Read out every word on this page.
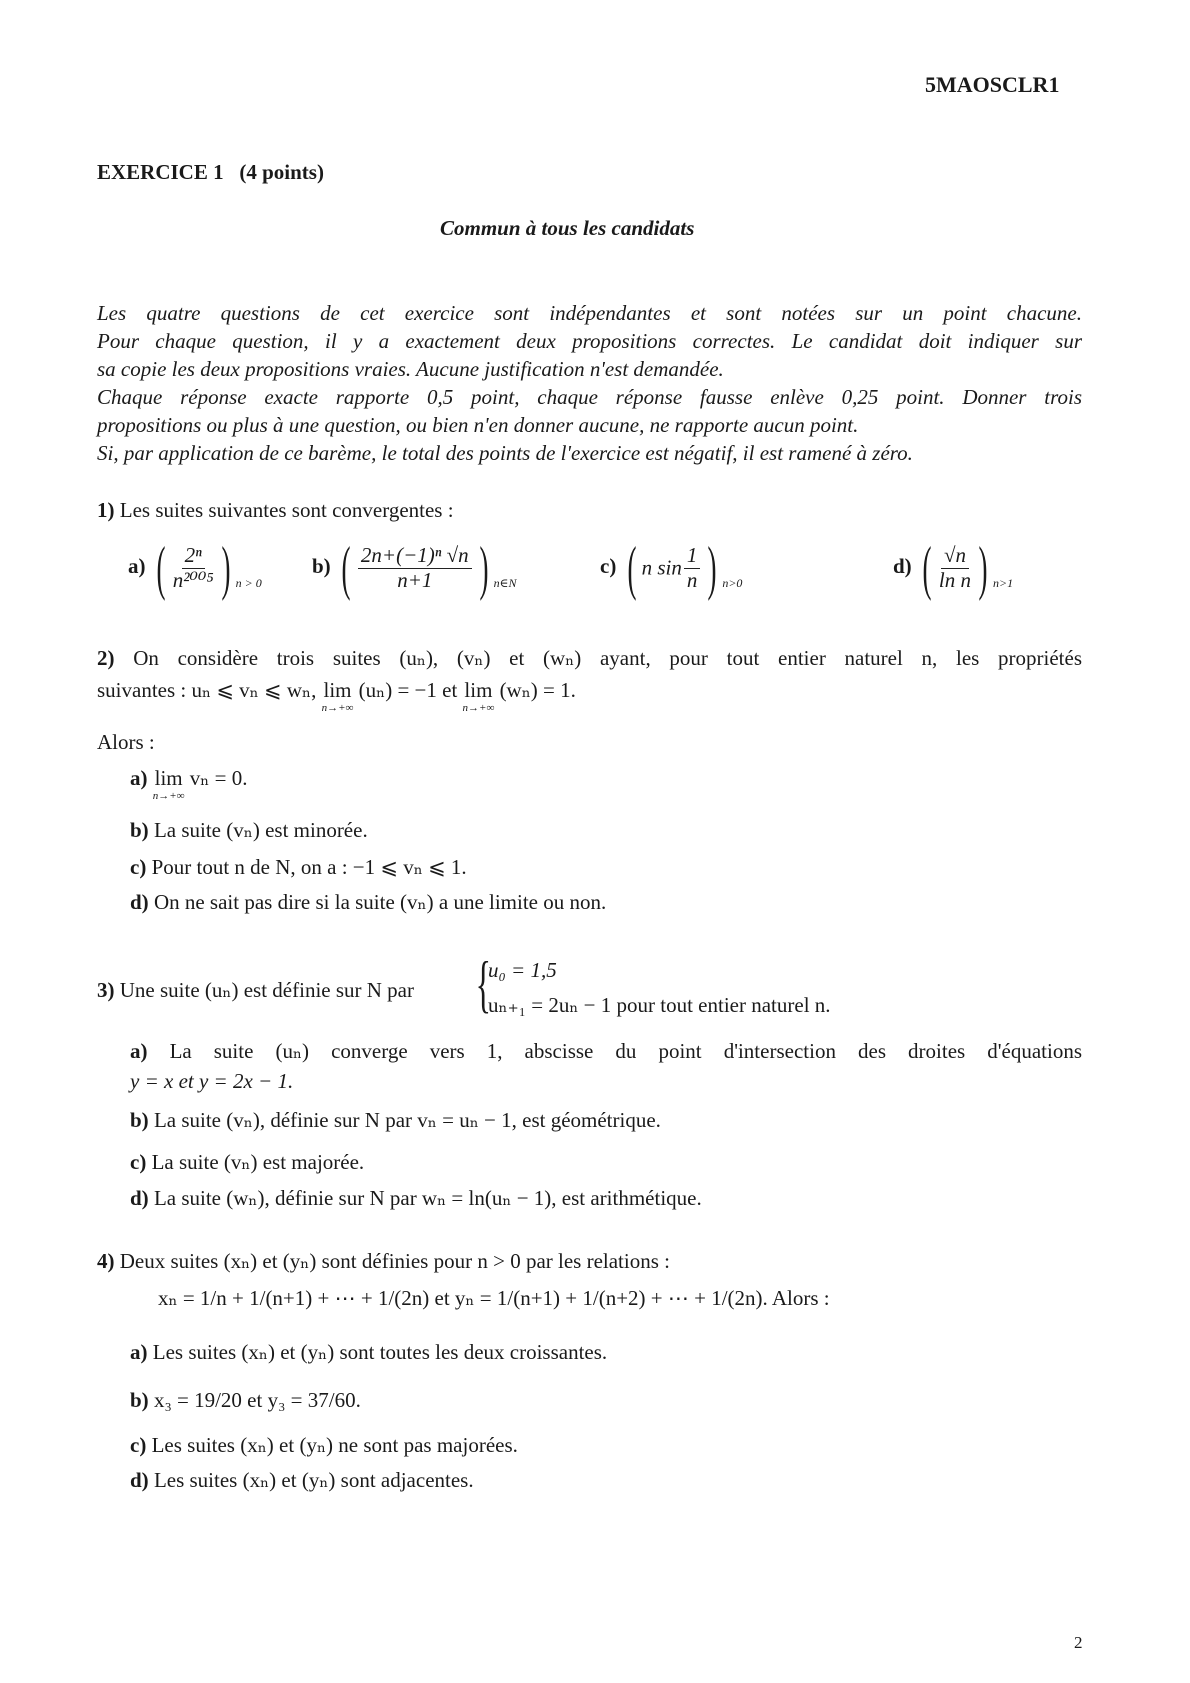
5MAOSCLR1
EXERCICE 1 (4 points)
Commun à tous les candidats
Les quatre questions de cet exercice sont indépendantes et sont notées sur un point chacune.
Pour chaque question, il y a exactement deux propositions correctes. Le candidat doit indiquer sur
sa copie les deux propositions vraies. Aucune justification n'est demandée.
Chaque réponse exacte rapporte 0,5 point, chaque réponse fausse enlève 0,25 point. Donner trois
propositions ou plus à une question, ou bien n'en donner aucune, ne rapporte aucun point.
Si, par application de ce barème, le total des points de l'exercice est négatif, il est ramené à zéro.
1) Les suites suivantes sont convergentes :
a) ( $\frac{\text{2ⁿ}}{\text{n²⁰⁰⁵}}$ ) $_{n > 0}$
b) ( $\frac{\text{2n+(−1)ⁿ √n}}{n+1}$ ) $_{n\in N}$
c) ( n $\sin \frac{1}{n}$ ) $_{n>0}$
d) ( $\frac{√n}{\text{ln n}}$ ) $_{n>1}$
2) On considère trois suites (uₙ), (vₙ) et (wₙ) ayant, pour tout entier naturel n, les propriétés
suivantes : uₙ ⩽ vₙ ⩽ wₙ, lim
n→+∞
(uₙ) = −1 et lim
n→+∞
(wₙ) = 1.
Alors :
a) lim
n→+∞
vₙ = 0.
b) La suite (vₙ) est minorée.
c) Pour tout n de N, on a : −1 ⩽ vₙ ⩽ 1.
d) On ne sait pas dire si la suite (vₙ) a une limite ou non.
3) Une suite (uₙ) est définie sur N par {
u₀ = 1,5
uₙ₊₁ = 2uₙ − 1 pour tout entier naturel n.
a) La suite (uₙ) converge vers 1, abscisse du point d'intersection des droites d'équations
y = x et y = 2x − 1.
b) La suite (vₙ), définie sur N par vₙ = uₙ − 1, est géométrique.
c) La suite (vₙ) est majorée.
d) La suite (wₙ), définie sur N par wₙ = ln(uₙ − 1), est arithmétique.
4) Deux suites (xₙ) et (yₙ) sont définies pour n > 0 par les relations :
xₙ = 1/n + 1/(n+1) + ⋯ + 1/(2n) et yₙ = 1/(n+1) + 1/(n+2) + ⋯ + 1/(2n). Alors :
a) Les suites (xₙ) et (yₙ) sont toutes les deux croissantes.
b) x₃ = 19/20 et y₃ = 37/60.
c) Les suites (xₙ) et (yₙ) ne sont pas majorées.
d) Les suites (xₙ) et (yₙ) sont adjacentes.
2
